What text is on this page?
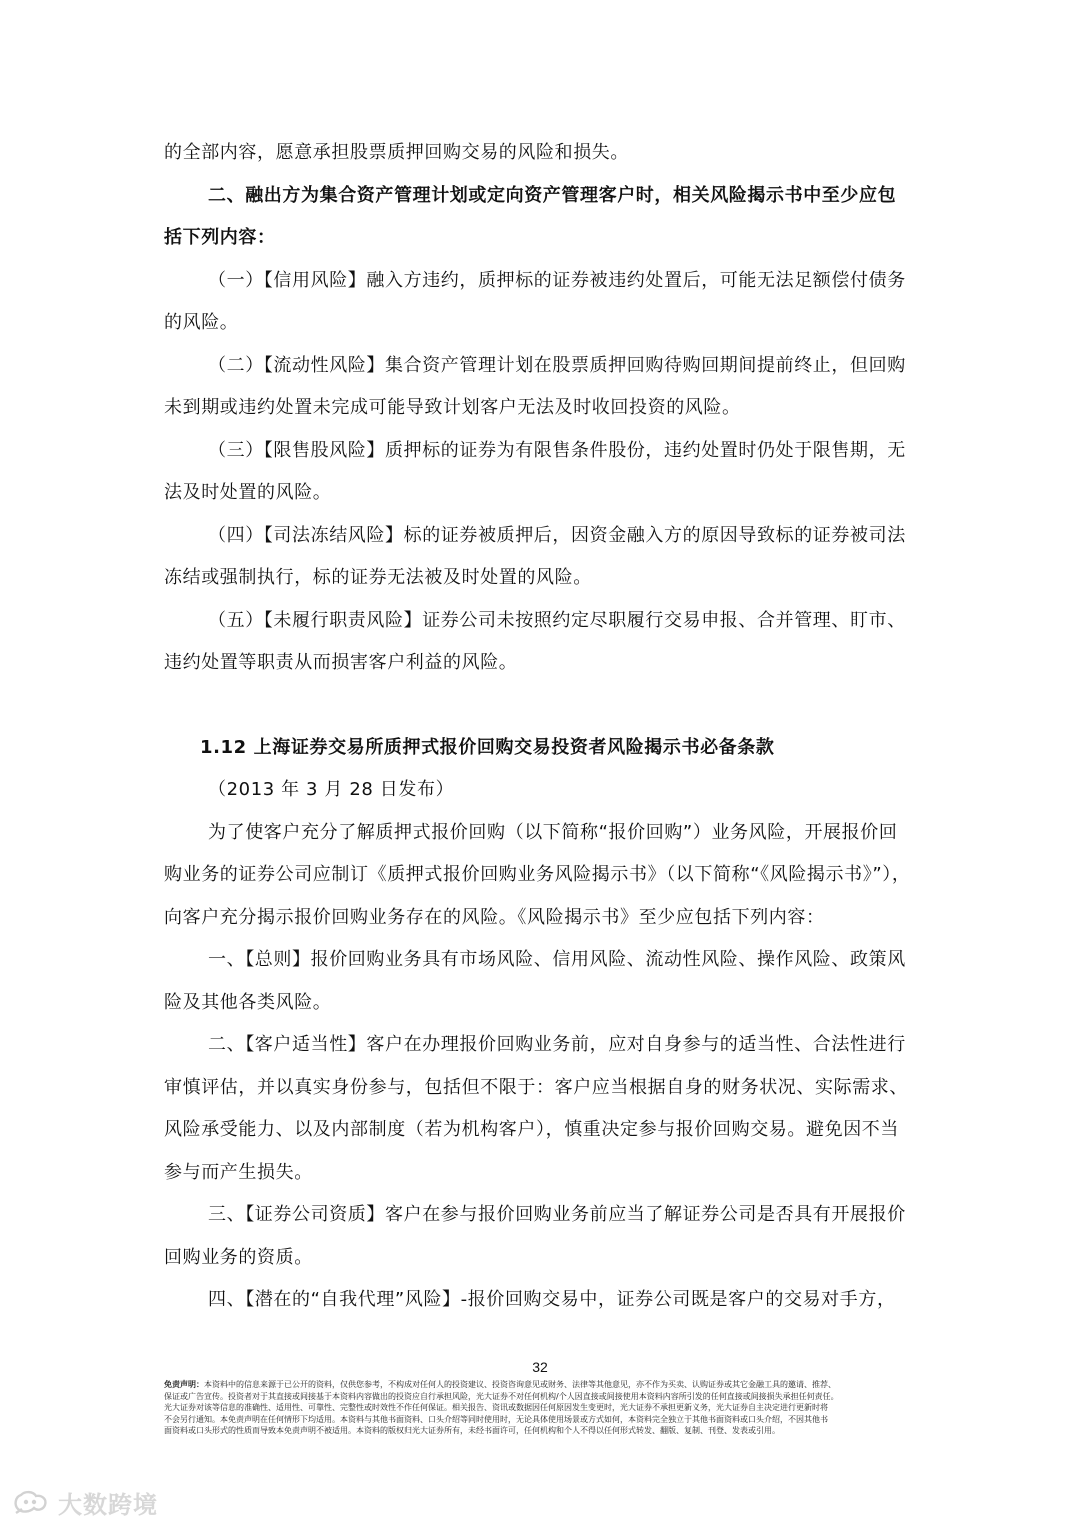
的全部内容，愿意承担股票质押回购交易的风险和损失。

二、融出方为集合资产管理计划或定向资产管理客户时，相关风险揭示书中至少应包

括下列内容：

（一）【信用风险】融入方违约，质押标的证券被违约处置后，可能无法足额偿付债务

的风险。

（二）【流动性风险】集合资产管理计划在股票质押回购待购回期间提前终止，但回购

未到期或违约处置未完成可能导致计划客户无法及时收回投资的风险。

（三）【限售股风险】质押标的证券为有限售条件股份，违约处置时仍处于限售期，无

法及时处置的风险。

（四）【司法冻结风险】标的证券被质押后，因资金融入方的原因导致标的证券被司法

冻结或强制执行，标的证券无法被及时处置的风险。

（五）【未履行职责风险】证券公司未按照约定尽职履行交易申报、合并管理、盯市、

违约处置等职责从而损害客户利益的风险。

1.12 上海证券交易所质押式报价回购交易投资者风险揭示书必备条款

（2013 年 3 月 28 日发布）

为了使客户充分了解质押式报价回购（以下简称“报价回购”）业务风险，开展报价回

购业务的证券公司应制订《质押式报价回购业务风险揭示书》（以下简称“《风险揭示书》”），

向客户充分揭示报价回购业务存在的风险。《风险揭示书》至少应包括下列内容：

一、【总则】报价回购业务具有市场风险、信用风险、流动性风险、操作风险、政策风

险及其他各类风险。

二、【客户适当性】客户在办理报价回购业务前，应对自身参与的适当性、合法性进行

审慎评估，并以真实身份参与，包括但不限于：客户应当根据自身的财务状况、实际需求、

风险承受能力、以及内部制度（若为机构客户），慎重决定参与报价回购交易。避免因不当

参与而产生损失。

三、【证券公司资质】客户在参与报价回购业务前应当了解证券公司是否具有开展报价

回购业务的资质。

四、【潜在的“自我代理”风险】-报价回购交易中，证券公司既是客户的交易对手方，

32
免责声明：本资料中的信息来源于已公开的资料，仅供您参考，不构成对任何人的投资建议、投资咨询意见或财务、法律等其他意见，亦不作为买卖、认购证券或其它金融工具的邀请、推荐、
保证或广告宣传。投资者对于其直接或间接基于本资料内容做出的投资应自行承担风险，光大证券不对任何机构/个人因直接或间接使用本资料内容所引发的任何直接或间接损失承担任何责任。
光大证券对该等信息的准确性、适用性、可靠性、完整性或时效性不作任何保证。相关报告、资讯或数据因任何原因发生变更时，光大证券不承担更新义务，光大证券自主决定进行更新时将
不会另行通知。本免责声明在任何情形下均适用。本资料与其他书面资料、口头介绍等同时使用时，无论具体使用场景或方式如何，本资料完全独立于其他书面资料或口头介绍，不因其他书
面资料或口头形式的性质而导致本免责声明不被适用。本资料的版权归光大证券所有，未经书面许可，任何机构和个人不得以任何形式转发、翻版、复制、刊登、发表或引用。
大数跨境
